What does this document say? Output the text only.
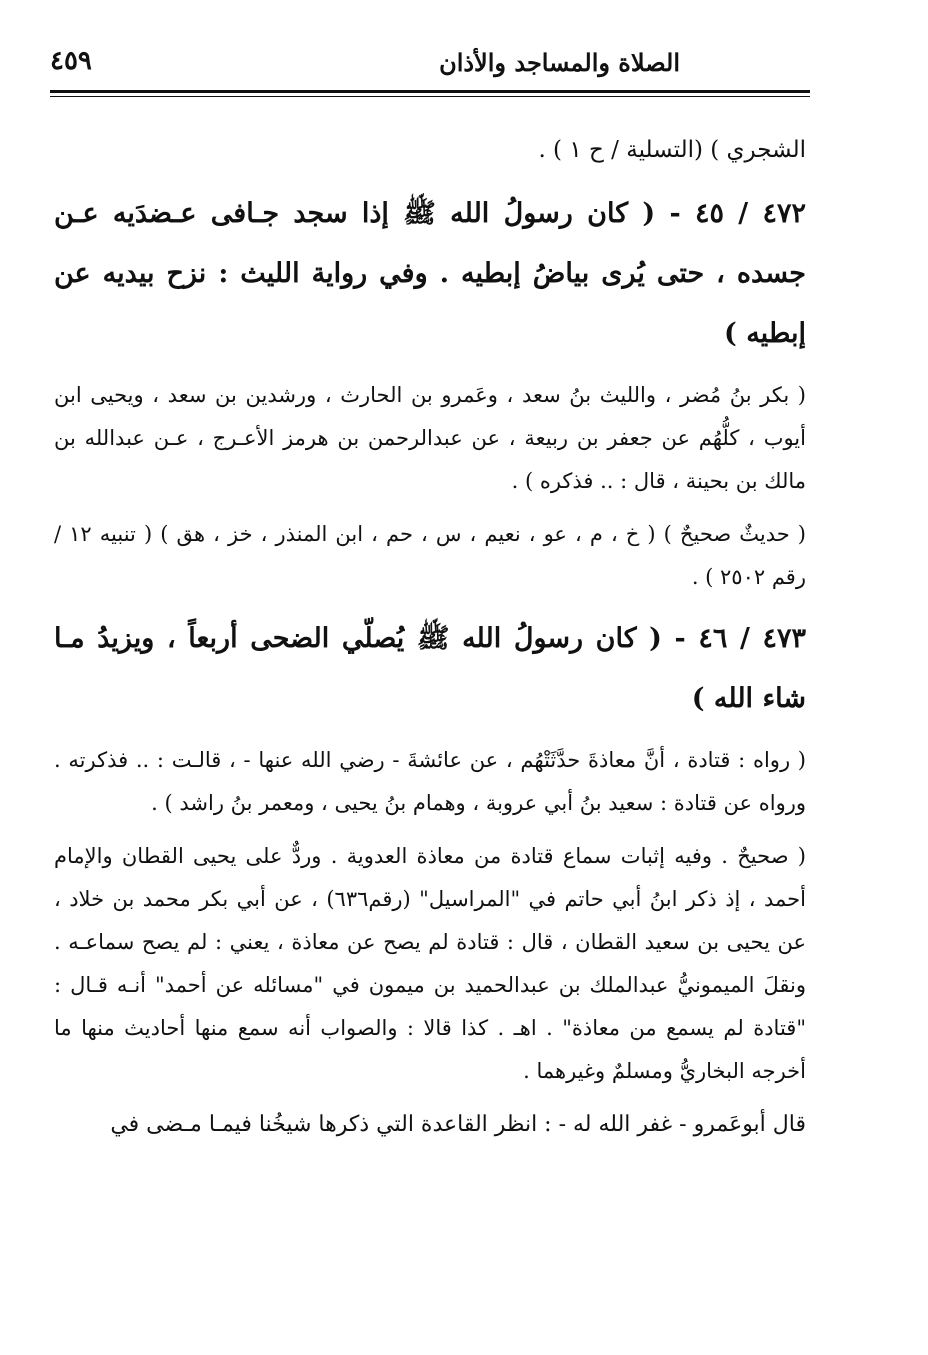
الصلاة والمساجد والأذان
٤٥٩

الشجري ) (التسلية / ح ١ ) .

٤٧٢ / ٤٥ - ( كان رسولُ الله ﷺ إذا سجد جـافى عـضدَيه عـن جسده ، حتى يُرى بياضُ إبطيه . وفي رواية الليث : نزح بيديه عن إبطيه )

( بكر بنُ مُضر ، والليث بنُ سعد ، وعَمرو بن الحارث ، ورشدين بن سعد ، ويحيى ابن أيوب ، كلُّهُم عن جعفر بن ربيعة ، عن عبدالرحمن بن هرمز الأعـرج ، عـن عبدالله بن مالك بن بحينة ، قال : .. فذكره ) .

( حديثٌ صحيحٌ ) ( خ ، م ، عو ، نعيم ، س ، حم ، ابن المنذر ، خز ، هق ) ( تنبيه ١٢ / رقم ٢٥٠٢ ) .

٤٧٣ / ٤٦ - ( كان رسولُ الله ﷺ يُصلّي الضحى أربعاً ، ويزيدُ مـا شاء الله )

( رواه : قتادة ، أنَّ معاذةَ حدَّثَتْهُم ، عن عائشةَ - رضي الله عنها - ، قالـت : .. فذكرته . ورواه عن قتادة : سعيد بنُ أبي عروبة ، وهمام بنُ يحيى ، ومعمر بنُ راشد ) .

( صحيحٌ . وفيه إثبات سماع قتادة من معاذة العدوية . وردٌّ على يحيى القطان والإمام أحمد ، إذ ذكر ابنُ أبي حاتم في "المراسيل" (رقم٦٣٦) ، عن أبي بكر محمد بن خلاد ، عن يحيى بن سعيد القطان ، قال : قتادة لم يصح عن معاذة ، يعني : لم يصح سماعـه . ونقلَ الميمونيُّ عبدالملك بن عبدالحميد بن ميمون في "مسائله عن أحمد" أنـه قـال : "قتادة لم يسمع من معاذة" . اهـ . كذا قالا : والصواب أنه سمع منها أحاديث منها ما أخرجه البخاريُّ ومسلمٌ وغيرهما .

قال أبوعَمرو - غفر الله له - : انظر القاعدة التي ذكرها شيخُنا فيمـا مـضى في
